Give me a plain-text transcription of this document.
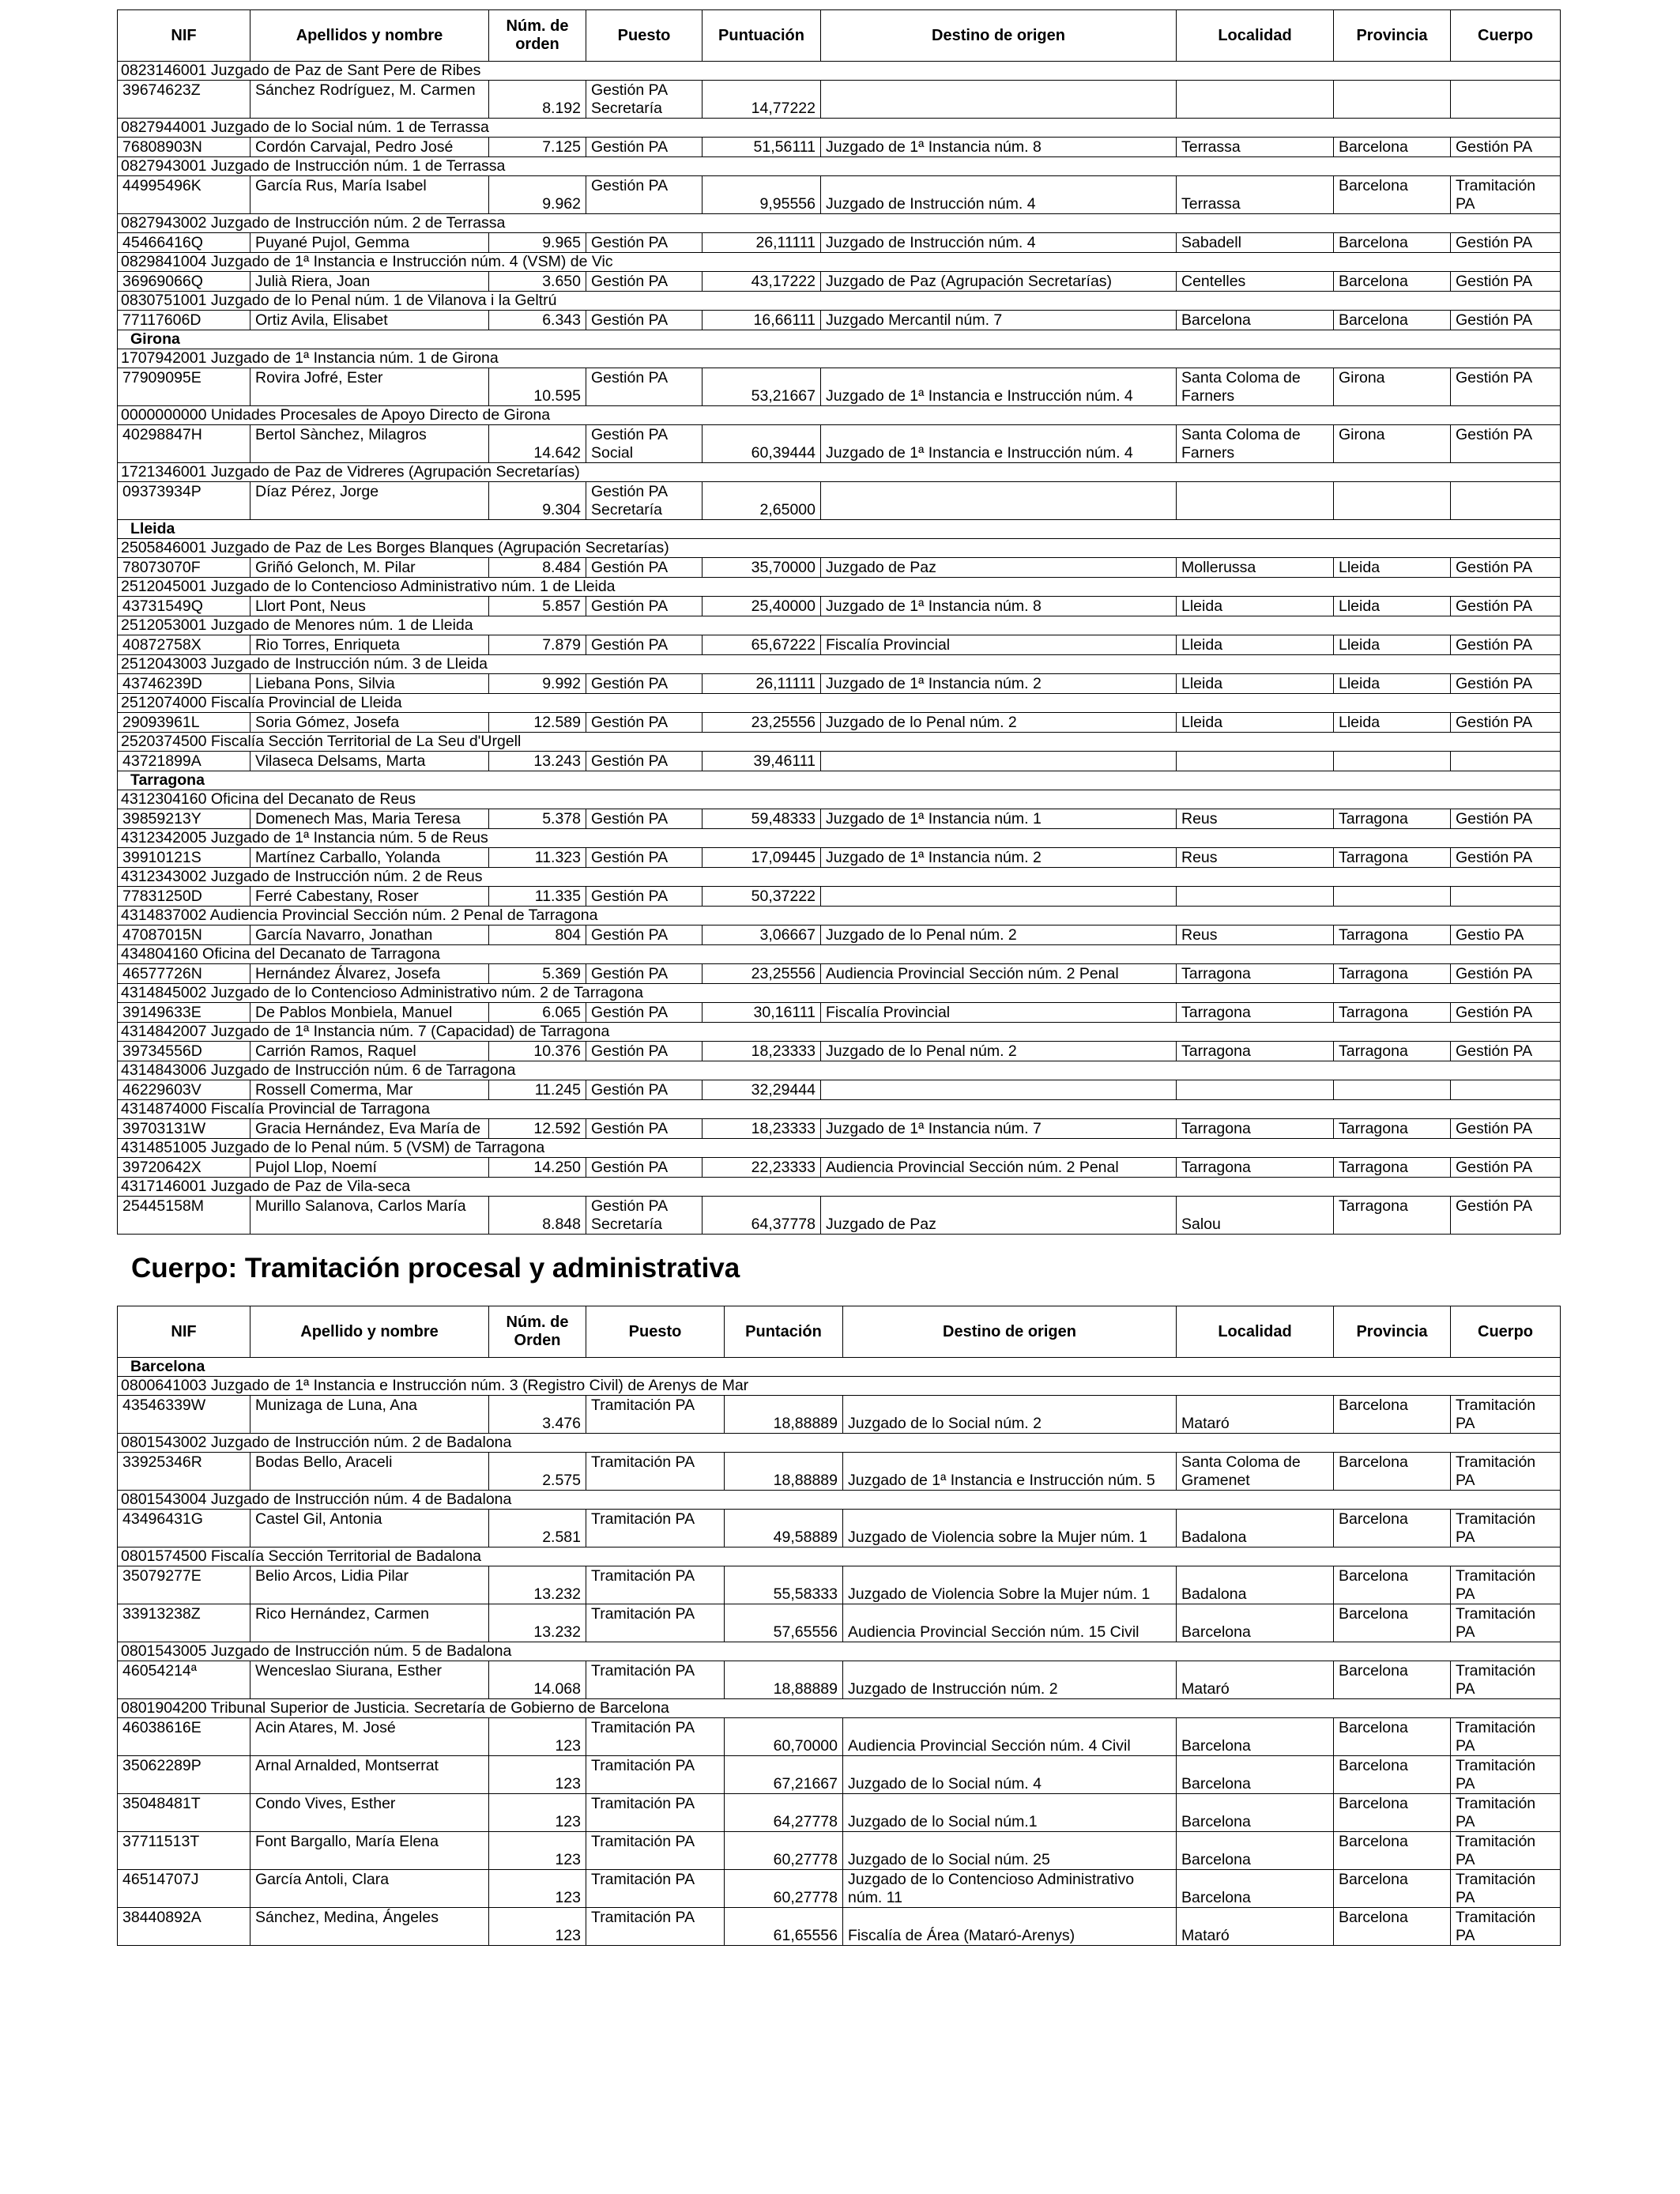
NIF	Apellidos y nombre	Núm. de orden	Puesto	Puntuación	Destino de origen	Localidad	Provincia	Cuerpo
0823146001 Juzgado de Paz de Sant Pere de Ribes								
39674623Z	Sánchez Rodríguez, M. Carmen	8.192	Gestión PA Secretaría	14,77222				
0827944001 Juzgado de lo Social núm. 1 de Terrassa								
76808903N	Cordón Carvajal, Pedro José	7.125	Gestión PA	51,56111	Juzgado de 1ª Instancia núm. 8	Terrassa	Barcelona	Gestión PA
0827943001 Juzgado de Instrucción núm. 1 de Terrassa								
44995496K	García Rus, María Isabel	9.962	Gestión PA	9,95556	Juzgado de Instrucción núm. 4	Terrassa	Barcelona	Tramitación PA
0827943002 Juzgado de Instrucción núm. 2 de Terrassa								
45466416Q	Puyané Pujol, Gemma	9.965	Gestión PA	26,11111	Juzgado de Instrucción núm. 4	Sabadell	Barcelona	Gestión PA
0829841004 Juzgado de 1ª Instancia e Instrucción núm. 4 (VSM) de Vic								
36969066Q	Julià Riera, Joan	3.650	Gestión PA	43,17222	Juzgado de Paz (Agrupación Secretarías)	Centelles	Barcelona	Gestión PA
0830751001 Juzgado de lo Penal núm. 1 de Vilanova i la Geltrú								
77117606D	Ortiz Avila, Elisabet	6.343	Gestión PA	16,66111	Juzgado Mercantil núm. 7	Barcelona	Barcelona	Gestión PA
Girona								
1707942001 Juzgado de 1ª Instancia núm. 1 de Girona								
77909095E	Rovira Jofré, Ester	10.595	Gestión PA	53,21667	Juzgado de 1ª Instancia e Instrucción núm. 4	Santa Coloma de Farners	Girona	Gestión PA
0000000000 Unidades Procesales de Apoyo Directo de Girona								
40298847H	Bertol Sànchez, Milagros	14.642	Gestión PA Social	60,39444	Juzgado de 1ª Instancia e Instrucción núm. 4	Santa Coloma de Farners	Girona	Gestión PA
1721346001 Juzgado de Paz de Vidreres (Agrupación Secretarías)								
09373934P	Díaz Pérez, Jorge	9.304	Gestión PA Secretaría	2,65000				
Lleida								
2505846001 Juzgado de Paz de Les Borges Blanques (Agrupación Secretarías)								
78073070F	Griñó Gelonch, M. Pilar	8.484	Gestión PA	35,70000	Juzgado de Paz	Mollerussa	Lleida	Gestión PA
2512045001 Juzgado de lo Contencioso Administrativo núm. 1 de Lleida								
43731549Q	Llort Pont, Neus	5.857	Gestión PA	25,40000	Juzgado de 1ª Instancia núm. 8	Lleida	Lleida	Gestión PA
2512053001 Juzgado de Menores núm. 1 de Lleida								
40872758X	Rio Torres, Enriqueta	7.879	Gestión PA	65,67222	Fiscalía Provincial	Lleida	Lleida	Gestión PA
2512043003 Juzgado de Instrucción núm. 3 de Lleida								
43746239D	Liebana Pons, Silvia	9.992	Gestión PA	26,11111	Juzgado de 1ª Instancia núm. 2	Lleida	Lleida	Gestión PA
2512074000 Fiscalía Provincial de Lleida								
29093961L	Soria Gómez, Josefa	12.589	Gestión PA	23,25556	Juzgado de lo Penal núm. 2	Lleida	Lleida	Gestión PA
2520374500 Fiscalía Sección Territorial de La Seu d'Urgell								
43721899A	Vilaseca Delsams, Marta	13.243	Gestión PA	39,46111				
Tarragona								
4312304160 Oficina del Decanato de Reus								
39859213Y	Domenech Mas, Maria Teresa	5.378	Gestión PA	59,48333	Juzgado de 1ª Instancia núm. 1	Reus	Tarragona	Gestión PA
4312342005 Juzgado de 1ª Instancia núm. 5 de Reus								
39910121S	Martínez Carballo, Yolanda	11.323	Gestión PA	17,09445	Juzgado de 1ª Instancia núm. 2	Reus	Tarragona	Gestión PA
4312343002 Juzgado de Instrucción núm. 2 de Reus								
77831250D	Ferré Cabestany, Roser	11.335	Gestión PA	50,37222				
4314837002 Audiencia Provincial Sección núm. 2 Penal de Tarragona								
47087015N	García Navarro, Jonathan	804	Gestión PA	3,06667	Juzgado de lo Penal núm. 2	Reus	Tarragona	Gestio PA
434804160 Oficina del Decanato de Tarragona								
46577726N	Hernández Álvarez, Josefa	5.369	Gestión PA	23,25556	Audiencia Provincial Sección núm. 2 Penal	Tarragona	Tarragona	Gestión PA
4314845002 Juzgado de lo Contencioso Administrativo núm. 2 de Tarragona								
39149633E	De Pablos Monbiela, Manuel	6.065	Gestión PA	30,16111	Fiscalía Provincial	Tarragona	Tarragona	Gestión PA
4314842007 Juzgado de 1ª Instancia núm. 7 (Capacidad) de Tarragona								
39734556D	Carrión Ramos, Raquel	10.376	Gestión PA	18,23333	Juzgado de lo Penal núm. 2	Tarragona	Tarragona	Gestión PA
4314843006 Juzgado de Instrucción núm. 6 de Tarragona								
46229603V	Rossell Comerma, Mar	11.245	Gestión PA	32,29444				
4314874000 Fiscalía Provincial de Tarragona								
39703131W	Gracia Hernández, Eva María de	12.592	Gestión PA	18,23333	Juzgado de 1ª Instancia núm. 7	Tarragona	Tarragona	Gestión PA
4314851005 Juzgado de lo Penal núm. 5 (VSM) de Tarragona								
39720642X	Pujol Llop, Noemí	14.250	Gestión PA	22,23333	Audiencia Provincial Sección núm. 2 Penal	Tarragona	Tarragona	Gestión PA
4317146001 Juzgado de Paz de Vila-seca								
25445158M	Murillo Salanova, Carlos María	8.848	Gestión PA Secretaría	64,37778	Juzgado de Paz	Salou	Tarragona	Gestión PA
Cuerpo: Tramitación procesal y administrativa
NIF	Apellido y nombre	Núm. de Orden	Puesto	Puntación	Destino de origen	Localidad	Provincia	Cuerpo
Barcelona								
0800641003 Juzgado de 1ª Instancia e Instrucción núm. 3 (Registro Civil) de Arenys de Mar								
43546339W	Munizaga de Luna, Ana	3.476	Tramitación PA	18,88889	Juzgado de lo Social núm. 2	Mataró	Barcelona	Tramitación PA
0801543002 Juzgado de Instrucción núm. 2 de Badalona								
33925346R	Bodas Bello, Araceli	2.575	Tramitación PA	18,88889	Juzgado de 1ª Instancia e Instrucción núm. 5	Santa Coloma de Gramenet	Barcelona	Tramitación PA
0801543004 Juzgado de Instrucción núm. 4 de Badalona								
43496431G	Castel Gil, Antonia	2.581	Tramitación PA	49,58889	Juzgado de Violencia sobre la Mujer núm. 1	Badalona	Barcelona	Tramitación PA
0801574500 Fiscalía Sección Territorial de Badalona								
35079277E	Belio Arcos, Lidia Pilar	13.232	Tramitación PA	55,58333	Juzgado de Violencia Sobre la Mujer núm. 1	Badalona	Barcelona	Tramitación PA
33913238Z	Rico Hernández, Carmen	13.232	Tramitación PA	57,65556	Audiencia Provincial Sección núm. 15 Civil	Barcelona	Barcelona	Tramitación PA
0801543005 Juzgado de Instrucción núm. 5 de Badalona								
46054214ª	Wenceslao Siurana, Esther	14.068	Tramitación PA	18,88889	Juzgado de Instrucción núm. 2	Mataró	Barcelona	Tramitación PA
0801904200 Tribunal Superior de Justicia. Secretaría de Gobierno de Barcelona								
46038616E	Acin Atares, M. José	123	Tramitación PA	60,70000	Audiencia Provincial Sección núm. 4 Civil	Barcelona	Barcelona	Tramitación PA
35062289P	Arnal Arnalded, Montserrat	123	Tramitación PA	67,21667	Juzgado de lo Social núm. 4	Barcelona	Barcelona	Tramitación PA
35048481T	Condo Vives, Esther	123	Tramitación PA	64,27778	Juzgado de lo Social núm.1	Barcelona	Barcelona	Tramitación PA
37711513T	Font Bargallo, María Elena	123	Tramitación PA	60,27778	Juzgado de lo Social núm. 25	Barcelona	Barcelona	Tramitación PA
46514707J	García Antoli, Clara	123	Tramitación PA	60,27778	Juzgado de lo Contencioso Administrativo núm. 11	Barcelona	Barcelona	Tramitación PA
38440892A	Sánchez, Medina, Ángeles	123	Tramitación PA	61,65556	Fiscalía de Área (Mataró-Arenys)	Mataró	Barcelona	Tramitación PA
